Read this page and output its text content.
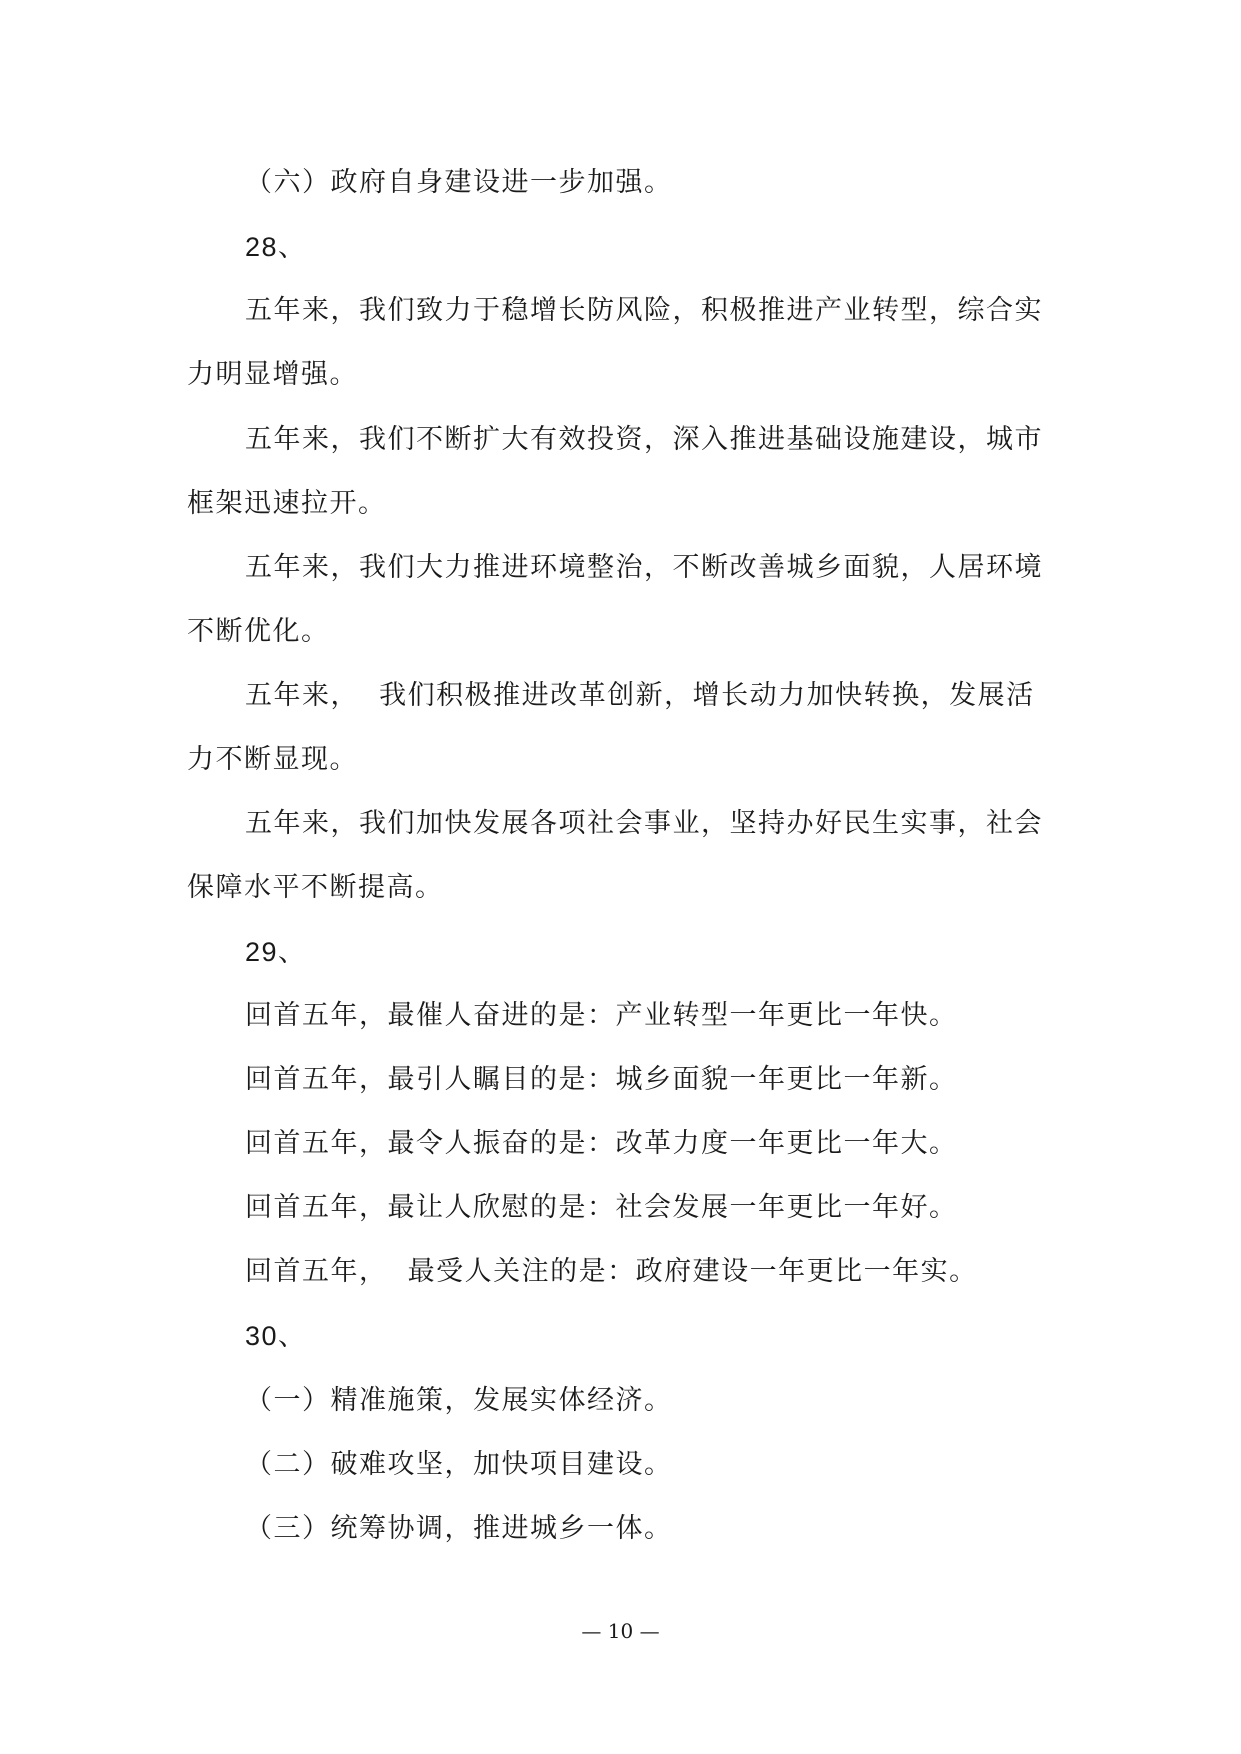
（六）政府自身建设进一步加强。
28、
五年来，我们致力于稳增长防风险，积极推进产业转型，综合实
力明显增强。
五年来，我们不断扩大有效投资，深入推进基础设施建设，城市
框架迅速拉开。
五年来，我们大力推进环境整治，不断改善城乡面貌，人居环境
不断优化。
五年来，  我们积极推进改革创新，增长动力加快转换，发展活
力不断显现。
五年来，我们加快发展各项社会事业，坚持办好民生实事，社会
保障水平不断提高。
29、
回首五年，最催人奋进的是：产业转型一年更比一年快。
回首五年，最引人瞩目的是：城乡面貌一年更比一年新。
回首五年，最令人振奋的是：改革力度一年更比一年大。
回首五年，最让人欣慰的是：社会发展一年更比一年好。
回首五年，  最受人关注的是：政府建设一年更比一年实。
30、
（一）精准施策，发展实体经济。
（二）破难攻坚，加快项目建设。
（三）统筹协调，推进城乡一体。
— 10 —
